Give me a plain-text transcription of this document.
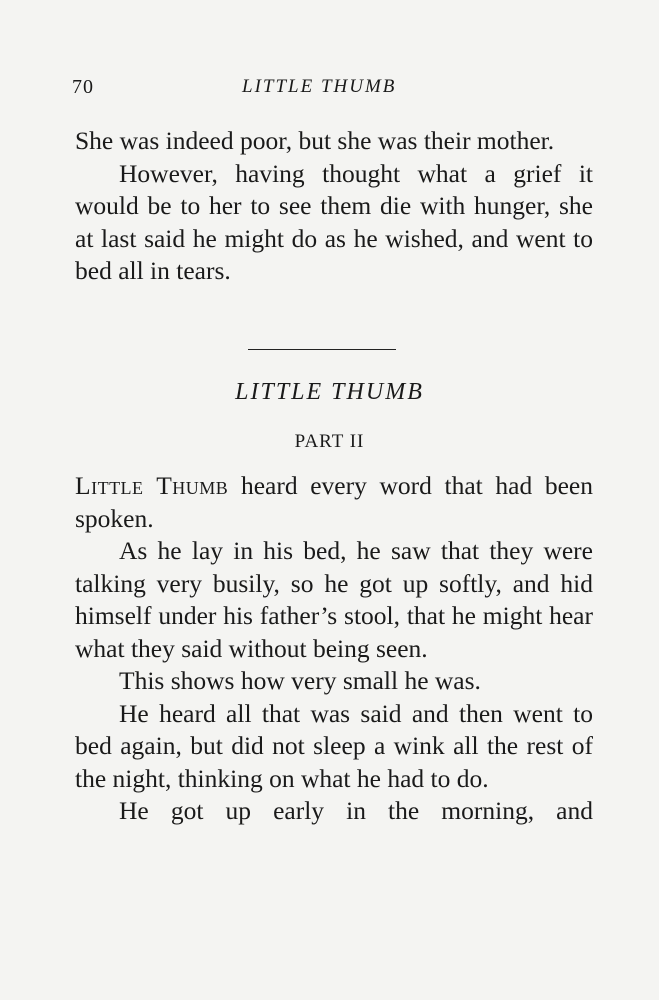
70	LITTLE THUMB

She was indeed poor, but she was their mother.

However, having thought what a grief it would be to her to see them die with hunger, she at last said he might do as he wished, and went to bed all in tears.

LITTLE THUMB
PART II

Little Thumb heard every word that had been spoken.

As he lay in his bed, he saw that they were talking very busily, so he got up softly, and hid himself under his father’s stool, that he might hear what they said without being seen.

This shows how very small he was.

He heard all that was said and then went to bed again, but did not sleep a wink all the rest of the night, thinking on what he had to do.

He got up early in the morning, and
